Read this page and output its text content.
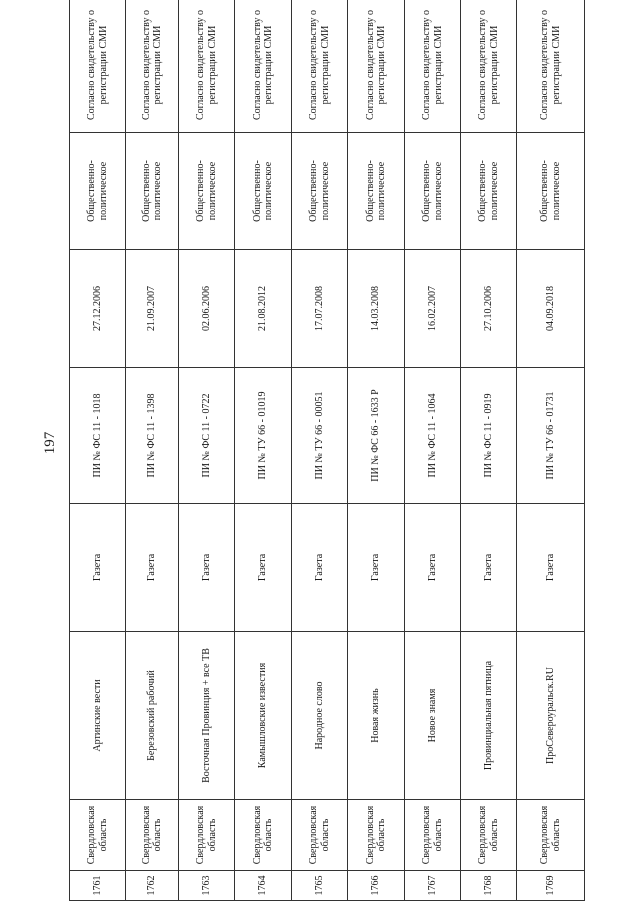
197
1761	Свердловская область	Артинские вести	Газета	ПИ № ФС 11 - 1018	27.12.2006	Общественно-политическое	Согласно свидетельству о регистрации СМИ
1762	Свердловская область	Березовский рабочий	Газета	ПИ № ФС 11 - 1398	21.09.2007	Общественно-политическое	Согласно свидетельству о регистрации СМИ
1763	Свердловская область	Восточная Провинция + все ТВ	Газета	ПИ № ФС 11 - 0722	02.06.2006	Общественно-политическое	Согласно свидетельству о регистрации СМИ
1764	Свердловская область	Камышловские известия	Газета	ПИ № ТУ 66 - 01019	21.08.2012	Общественно-политическое	Согласно свидетельству о регистрации СМИ
1765	Свердловская область	Народное слово	Газета	ПИ № ТУ 66 - 00051	17.07.2008	Общественно-политическое	Согласно свидетельству о регистрации СМИ
1766	Свердловская область	Новая жизнь	Газета	ПИ № ФС 66 - 1633 Р	14.03.2008	Общественно-политическое	Согласно свидетельству о регистрации СМИ
1767	Свердловская область	Новое знамя	Газета	ПИ № ФС 11 - 1064	16.02.2007	Общественно-политическое	Согласно свидетельству о регистрации СМИ
1768	Свердловская область	Провинциальная пятница	Газета	ПИ № ФС 11 - 0919	27.10.2006	Общественно-политическое	Согласно свидетельству о регистрации СМИ
1769	Свердловская область	ПроСевероуральск.RU	Газета	ПИ № ТУ 66 - 01731	04.09.2018	Общественно-политическое	Согласно свидетельству о регистрации СМИ
